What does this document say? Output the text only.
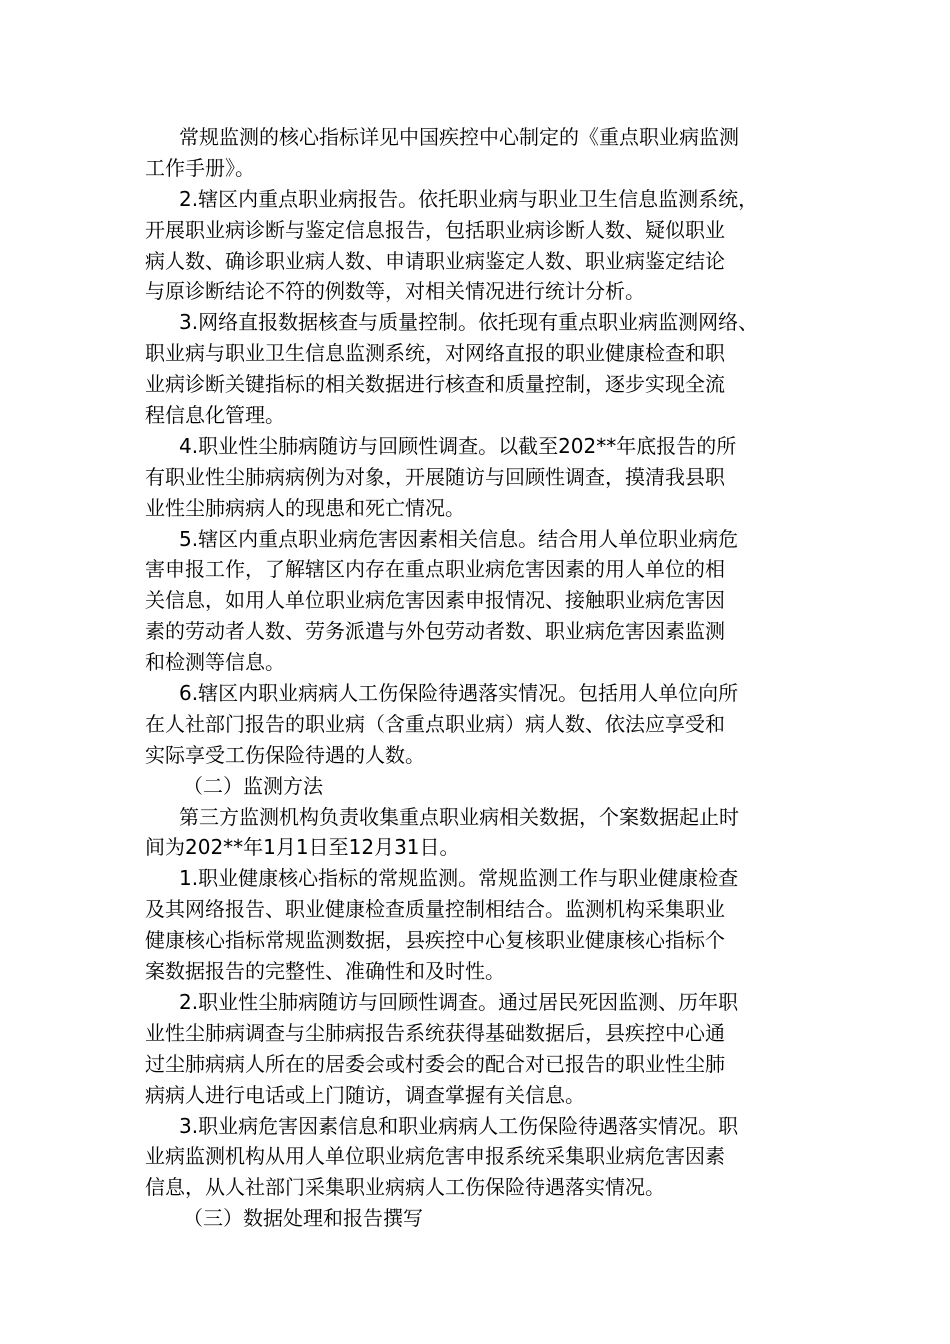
常规监测的核心指标详见中国疾控中心制定的《重点职业病监测
工作手册》。
2.辖区内重点职业病报告。依托职业病与职业卫生信息监测系统，
开展职业病诊断与鉴定信息报告，包括职业病诊断人数、疑似职业
病人数、确诊职业病人数、申请职业病鉴定人数、职业病鉴定结论
与原诊断结论不符的例数等，对相关情况进行统计分析。
3.网络直报数据核查与质量控制。依托现有重点职业病监测网络、
职业病与职业卫生信息监测系统，对网络直报的职业健康检查和职
业病诊断关键指标的相关数据进行核查和质量控制，逐步实现全流
程信息化管理。
4.职业性尘肺病随访与回顾性调查。以截至202**年底报告的所
有职业性尘肺病病例为对象，开展随访与回顾性调查，摸清我县职
业性尘肺病病人的现患和死亡情况。
5.辖区内重点职业病危害因素相关信息。结合用人单位职业病危
害申报工作，了解辖区内存在重点职业病危害因素的用人单位的相
关信息，如用人单位职业病危害因素申报情况、接触职业病危害因
素的劳动者人数、劳务派遣与外包劳动者数、职业病危害因素监测
和检测等信息。
6.辖区内职业病病人工伤保险待遇落实情况。包括用人单位向所
在人社部门报告的职业病（含重点职业病）病人数、依法应享受和
实际享受工伤保险待遇的人数。
（二）监测方法
第三方监测机构负责收集重点职业病相关数据，个案数据起止时
间为202**年1月1日至12月31日。
1.职业健康核心指标的常规监测。常规监测工作与职业健康检查
及其网络报告、职业健康检查质量控制相结合。监测机构采集职业
健康核心指标常规监测数据，县疾控中心复核职业健康核心指标个
案数据报告的完整性、准确性和及时性。
2.职业性尘肺病随访与回顾性调查。通过居民死因监测、历年职
业性尘肺病调查与尘肺病报告系统获得基础数据后，县疾控中心通
过尘肺病病人所在的居委会或村委会的配合对已报告的职业性尘肺
病病人进行电话或上门随访，调查掌握有关信息。
3.职业病危害因素信息和职业病病人工伤保险待遇落实情况。职
业病监测机构从用人单位职业病危害申报系统采集职业病危害因素
信息，从人社部门采集职业病病人工伤保险待遇落实情况。
（三）数据处理和报告撰写
